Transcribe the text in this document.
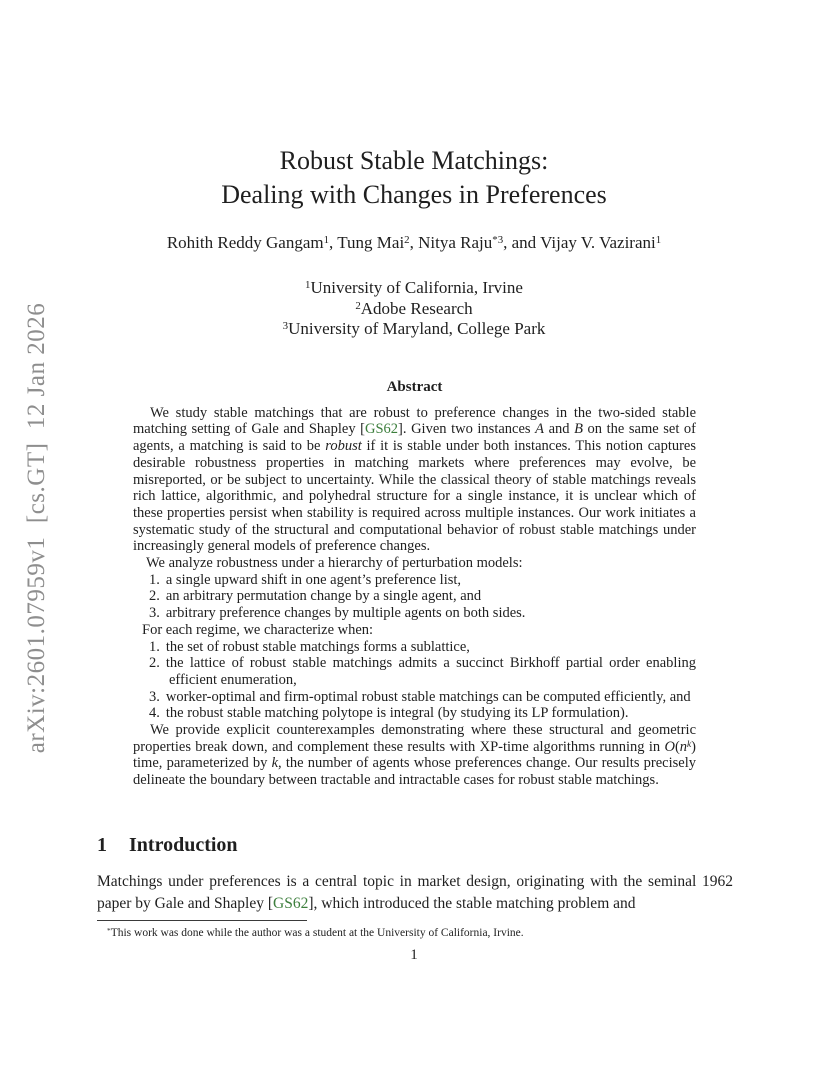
arXiv:2601.07959v1  [cs.GT]  12 Jan 2026
Robust Stable Matchings:
Dealing with Changes in Preferences
Rohith Reddy Gangam$^1$, Tung Mai$^2$, Nitya Raju$^{*3}$, and Vijay V. Vazirani$^1$
$^1$University of California, Irvine
$^2$Adobe Research
$^3$University of Maryland, College Park
Abstract
We study stable matchings that are robust to preference changes in the two-sided stable matching setting of Gale and Shapley [GS62]. Given two instances A and B on the same set of agents, a matching is said to be robust if it is stable under both instances. This notion captures desirable robustness properties in matching markets where preferences may evolve, be misreported, or be subject to uncertainty. While the classical theory of stable matchings reveals rich lattice, algorithmic, and polyhedral structure for a single instance, it is unclear which of these properties persist when stability is required across multiple instances. Our work initiates a systematic study of the structural and computational behavior of robust stable matchings under increasingly general models of preference changes.
We analyze robustness under a hierarchy of perturbation models:
1. a single upward shift in one agent’s preference list,
2. an arbitrary permutation change by a single agent, and
3. arbitrary preference changes by multiple agents on both sides.
For each regime, we characterize when:
1. the set of robust stable matchings forms a sublattice,
2. the lattice of robust stable matchings admits a succinct Birkhoff partial order enabling efficient enumeration,
3. worker-optimal and firm-optimal robust stable matchings can be computed efficiently, and
4. the robust stable matching polytope is integral (by studying its LP formulation).
We provide explicit counterexamples demonstrating where these structural and geometric properties break down, and complement these results with XP-time algorithms running in $O(n^k)$ time, parameterized by k, the number of agents whose preferences change. Our results precisely delineate the boundary between tractable and intractable cases for robust stable matchings.
1 Introduction
Matchings under preferences is a central topic in market design, originating with the seminal 1962 paper by Gale and Shapley [GS62], which introduced the stable matching problem and
*This work was done while the author was a student at the University of California, Irvine.
1
